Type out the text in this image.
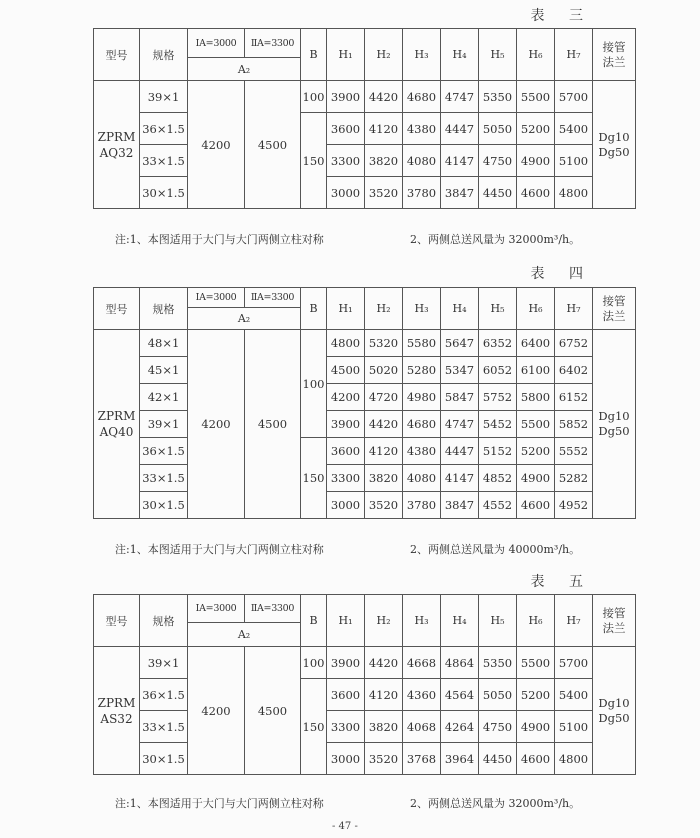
表 三
型号	规格	ⅠA=3000	ⅡA=3300	B	H₁	H₂	H₃	H₄	H₅	H₆	H₇	接管
法兰
		A₂										
ZPRM
AQ32	39×1	4200	4500	100	3900	4420	4680	4747	5350	5500	5700	Dg10
Dg50
	36×1.5			150	3600	4120	4380	4447	5050	5200	5400	
	33×1.5				3300	3820	4080	4147	4750	4900	5100	
	30×1.5				3000	3520	3780	3847	4450	4600	4800	
注:1、本图适用于大门与大门两侧立柱对称	2、两侧总送风量为 32000m³/h。
表 四
型号	规格	ⅠA=3000	ⅡA=3300	B	H₁	H₂	H₃	H₄	H₅	H₆	H₇	接管
法兰
		A₂										
ZPRM
AQ40	48×1	4200	4500	100	4800	5320	5580	5647	6352	6400	6752	Dg10
Dg50
	45×1				4500	5020	5280	5347	6052	6100	6402	
	42×1				4200	4720	4980	5847	5752	5800	6152	
	39×1				3900	4420	4680	4747	5452	5500	5852	
	36×1.5			150	3600	4120	4380	4447	5152	5200	5552	
	33×1.5				3300	3820	4080	4147	4852	4900	5282	
	30×1.5				3000	3520	3780	3847	4552	4600	4952	
注:1、本图适用于大门与大门两侧立柱对称	2、两侧总送风量为 40000m³/h。
表 五
型号	规格	ⅠA=3000	ⅡA=3300	B	H₁	H₂	H₃	H₄	H₅	H₆	H₇	接管
法兰
		A₂										
ZPRM
AS32	39×1	4200	4500	100	3900	4420	4668	4864	5350	5500	5700	Dg10
Dg50
	36×1.5			150	3600	4120	4360	4564	5050	5200	5400	
	33×1.5				3300	3820	4068	4264	4750	4900	5100	
	30×1.5				3000	3520	3768	3964	4450	4600	4800	
注:1、本图适用于大门与大门两侧立柱对称	2、两侧总送风量为 32000m³/h。
- 47 -
